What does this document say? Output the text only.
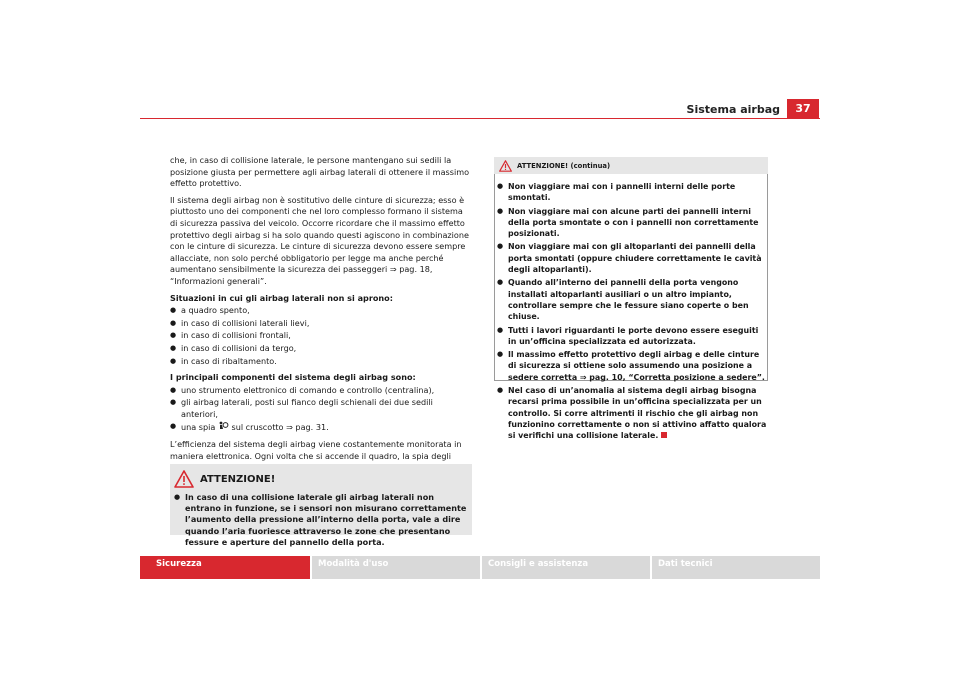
Sistema airbag	37

che, in caso di collisione laterale, le persone mantengano sui sedili la posizione giusta per permettere agli airbag laterali di ottenere il massimo effetto protettivo.

Il sistema degli airbag non è sostitutivo delle cinture di sicurezza; esso è piuttosto uno dei componenti che nel loro complesso formano il sistema di sicurezza passiva del veicolo. Occorre ricordare che il massimo effetto protettivo degli airbag si ha solo quando questi agiscono in combinazione con le cinture di sicurezza. Le cinture di sicurezza devono essere sempre allacciate, non solo perché obbligatorio per legge ma anche perché aumentano sensibilmente la sicurezza dei passeggeri ⇒ pag. 18, “Informazioni generali”.

Situazioni in cui gli airbag laterali non si aprono:

● a quadro spento,
● in caso di collisioni laterali lievi,
● in caso di collisioni frontali,
● in caso di collisioni da tergo,
● in caso di ribaltamento.

I principali componenti del sistema degli airbag sono:

● uno strumento elettronico di comando e controllo (centralina),
● gli airbag laterali, posti sul fianco degli schienali dei due sedili anteriori,
● una spia sul cruscotto ⇒ pag. 31.

L’efficienza del sistema degli airbag viene costantemente monitorata in maniera elettronica. Ogni volta che si accende il quadro, la spia degli

ATTENZIONE!
● In caso di una collisione laterale gli airbag laterali non entrano in funzione, se i sensori non misurano correttamente l’aumento della pressione all’interno della porta, vale a dire quando l’aria fuoriesce attraverso le zone che presentano fessure e aperture del pannello della porta.
ATTENZIONE! (continua)
● Non viaggiare mai con i pannelli interni delle porte smontati.
● Non viaggiare mai con alcune parti dei pannelli interni della porta smontate o con i pannelli non correttamente posizionati.
● Non viaggiare mai con gli altoparlanti dei pannelli della porta smontati (oppure chiudere correttamente le cavità degli altoparlanti).
● Quando all’interno dei pannelli della porta vengono installati altoparlanti ausiliari o un altro impianto, controllare sempre che le fessure siano coperte o ben chiuse.
● Tutti i lavori riguardanti le porte devono essere eseguiti in un’officina specializzata ed autorizzata.
● Il massimo effetto protettivo degli airbag e delle cinture di sicurezza si ottiene solo assumendo una posizione a sedere corretta ⇒ pag. 10, “Corretta posizione a sedere”.
● Nel caso di un’anomalia al sistema degli airbag bisogna recarsi prima possibile in un’officina specializzata per un controllo. Si corre altrimenti il rischio che gli airbag non funzionino correttamente o non si attivino affatto qualora si verifichi una collisione laterale.
Sicurezza	Modalità d'uso	Consigli e assistenza	Dati tecnici
